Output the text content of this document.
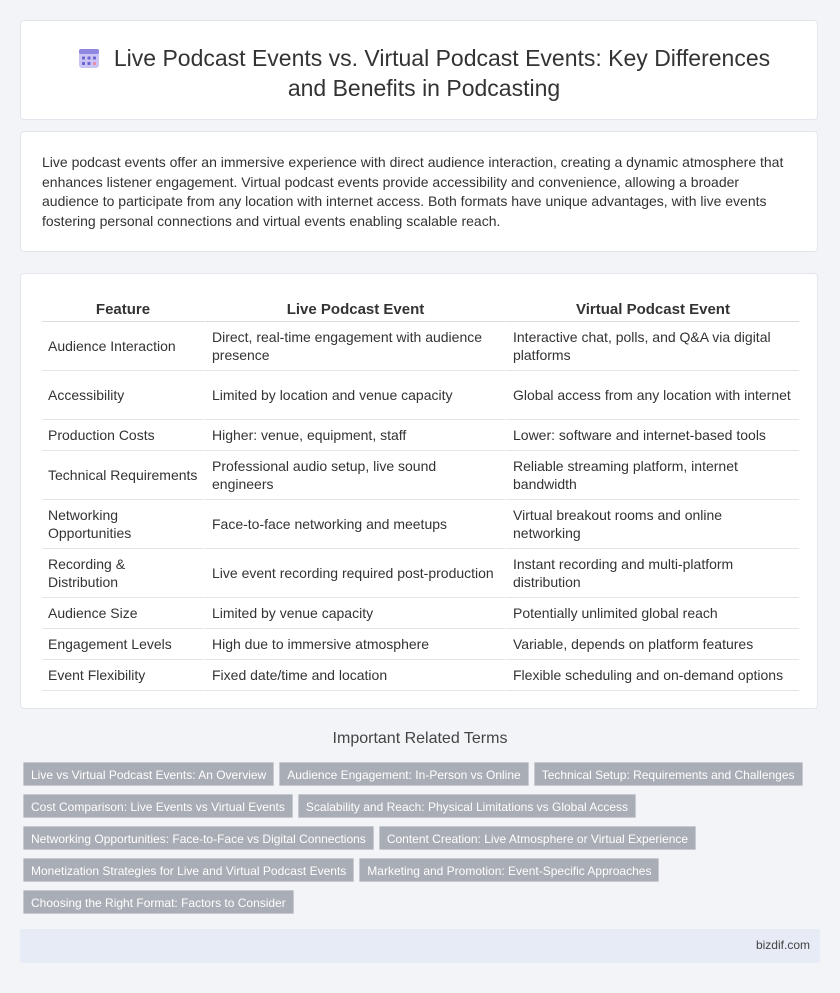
Live Podcast Events vs. Virtual Podcast Events: Key Differences and Benefits in Podcasting
Live podcast events offer an immersive experience with direct audience interaction, creating a dynamic atmosphere that enhances listener engagement. Virtual podcast events provide accessibility and convenience, allowing a broader audience to participate from any location with internet access. Both formats have unique advantages, with live events fostering personal connections and virtual events enabling scalable reach.
Feature	Live Podcast Event	Virtual Podcast Event
Audience Interaction	Direct, real-time engagement with audience presence	Interactive chat, polls, and Q&A via digital platforms
Accessibility	Limited by location and venue capacity	Global access from any location with internet
Production Costs	Higher: venue, equipment, staff	Lower: software and internet-based tools
Technical Requirements	Professional audio setup, live sound engineers	Reliable streaming platform, internet bandwidth
Networking Opportunities	Face-to-face networking and meetups	Virtual breakout rooms and online networking
Recording & Distribution	Live event recording required post-production	Instant recording and multi-platform distribution
Audience Size	Limited by venue capacity	Potentially unlimited global reach
Engagement Levels	High due to immersive atmosphere	Variable, depends on platform features
Event Flexibility	Fixed date/time and location	Flexible scheduling and on-demand options
Important Related Terms
Live vs Virtual Podcast Events: An Overview Audience Engagement: In-Person vs Online Technical Setup: Requirements and Challenges
Cost Comparison: Live Events vs Virtual Events Scalability and Reach: Physical Limitations vs Global Access
Networking Opportunities: Face-to-Face vs Digital Connections Content Creation: Live Atmosphere or Virtual Experience
Monetization Strategies for Live and Virtual Podcast Events Marketing and Promotion: Event-Specific Approaches
Choosing the Right Format: Factors to Consider
bizdif.com
